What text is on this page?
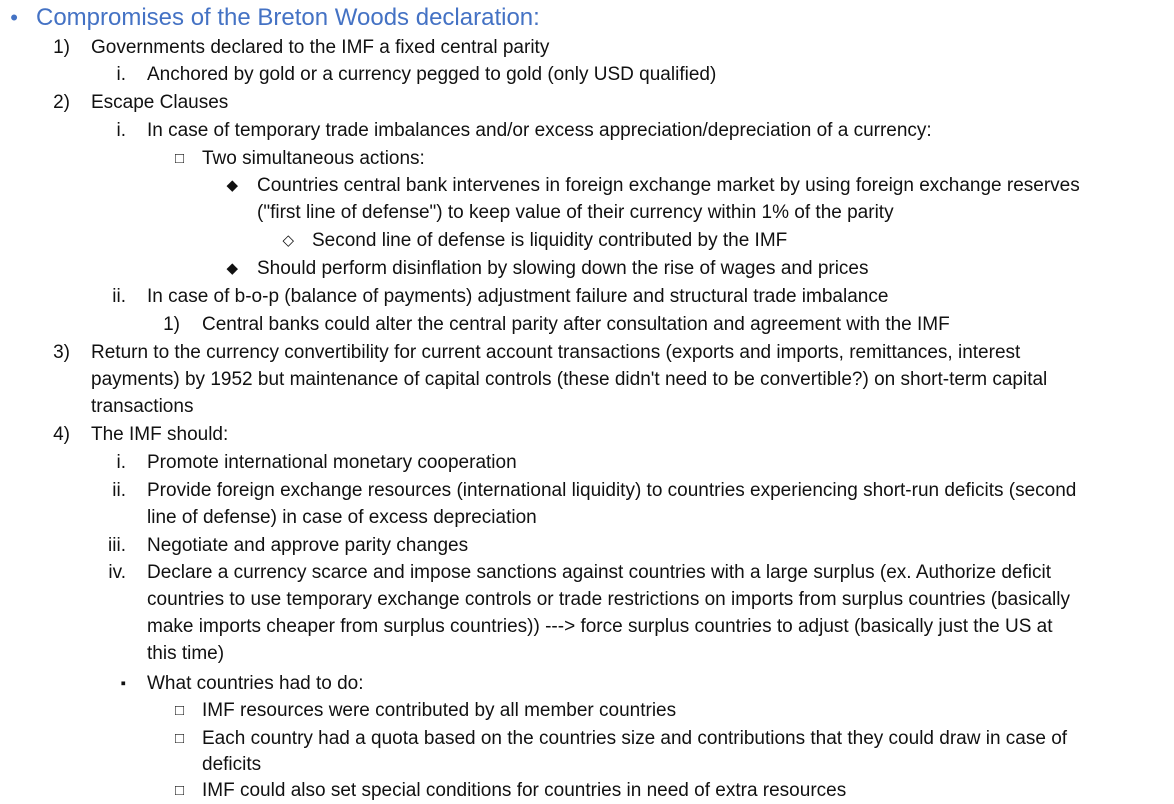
• Compromises of the Breton Woods declaration:
1) Governments declared to the IMF a fixed central parity
i. Anchored by gold or a currency pegged to gold (only USD qualified)
2) Escape Clauses
i. In case of temporary trade imbalances and/or excess appreciation/depreciation of a currency:
□ Two simultaneous actions:
◆ Countries central bank intervenes in foreign exchange market by using foreign exchange reserves
("first line of defense") to keep value of their currency within 1% of the parity
◇ Second line of defense is liquidity contributed by the IMF
◆ Should perform disinflation by slowing down the rise of wages and prices
ii. In case of b-o-p (balance of payments) adjustment failure and structural trade imbalance
1) Central banks could alter the central parity after consultation and agreement with the IMF
3) Return to the currency convertibility for current account transactions (exports and imports, remittances, interest
payments) by 1952 but maintenance of capital controls (these didn't need to be convertible?) on short-term capital
transactions
4) The IMF should:
i. Promote international monetary cooperation
ii. Provide foreign exchange resources (international liquidity) to countries experiencing short-run deficits (second
line of defense) in case of excess depreciation
iii. Negotiate and approve parity changes
iv. Declare a currency scarce and impose sanctions against countries with a large surplus (ex. Authorize deficit
countries to use temporary exchange controls or trade restrictions on imports from surplus countries (basically
make imports cheaper from surplus countries)) ---> force surplus countries to adjust (basically just the US at
this time)
▪ What countries had to do:
□ IMF resources were contributed by all member countries
□ Each country had a quota based on the countries size and contributions that they could draw in case of
deficits
□ IMF could also set special conditions for countries in need of extra resources
